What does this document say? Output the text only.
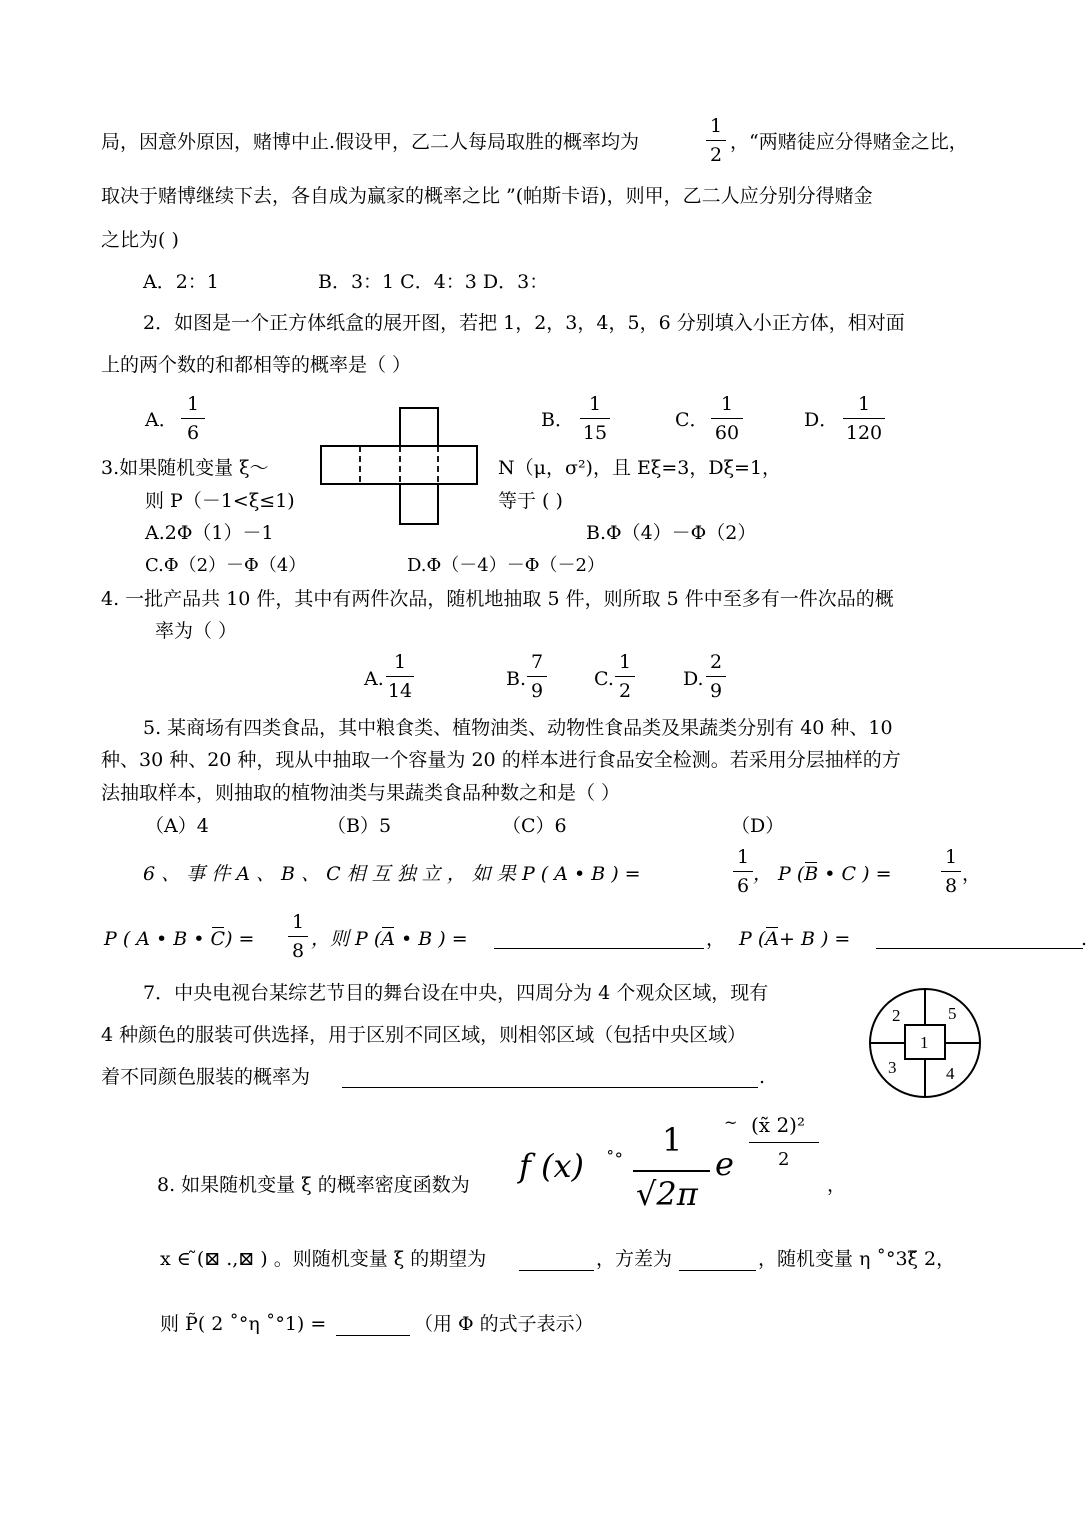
局，因意外原因，赌博中止.假设甲，乙二人每局取胜的概率均为
1
2
，“两赌徒应分得赌金之比，
取决于赌博继续下去，各自成为赢家的概率之比 ”(帕斯卡语)，则甲，乙二人应分别分得赌金
之比为( )
A．2：1	B．3：1 C．4：3 D．3：
2．如图是一个正方体纸盒的展开图，若把 1，2，3，4，5，6 分别填入小正方体，相对面
上的两个数的和都相等的概率是（ ）
A．
1
6
B．
1
15
C．
1
60
D．
1
120
3.如果随机变量 ξ～	N（μ，σ²)，且 Eξ=3，Dξ=1，
则 P（－1<ξ≤1)	等于 ( )
A.2Φ（1）－1	B.Φ（4）－Φ（2）
C.Φ（2）－Φ（4）	D.Φ（－4）－Φ（－2）
4. 一批产品共 10 件，其中有两件次品，随机地抽取 5 件，则所取 5 件中至多有一件次品的概
率为（ ）
A.
1
14
B.
7
9
C.
1
2
D.
2
9
5. 某商场有四类食品，其中粮食类、植物油类、动物性食品类及果蔬类分别有 40 种、10
种、30 种、20 种，现从中抽取一个容量为 20 的样本进行食品安全检测。若采用分层抽样的方
法抽取样本，则抽取的植物油类与果蔬类食品种数之和是（ ）
（A）4	（B）5	（C）6	（D）
6 、 事 件 A 、 B 、 C 相 互 独 立 ， 如 果 P ( A • B ) =
1
6
， P (B • C ) =
1
8
，
P ( A • B • C) =
1
8
，则 P (A • B ) =	， P (A+ B ) =	.
7．中央电视台某综艺节目的舞台设在中央，四周分为 4 个观众区域，现有
4 种颜色的服装可供选择，用于区别不同区域，则相邻区域（包括中央区域）
着不同颜色服装的概率为	.
1
2
3	4
5
8. 如果随机变量 ξ 的概率密度函数为 f (x) ˚°
1
√2π
e
~ (x̃ 2)²
2
，
x ∈ ̃(⊠ .,⊠ ) 。则随机变量 ξ 的期望为	，方差为	，随机变量 η ˚°3ξ̃ 2，
则 P̃( 2 ˚°η ˚°1) =	（用 Φ 的式子表示）
